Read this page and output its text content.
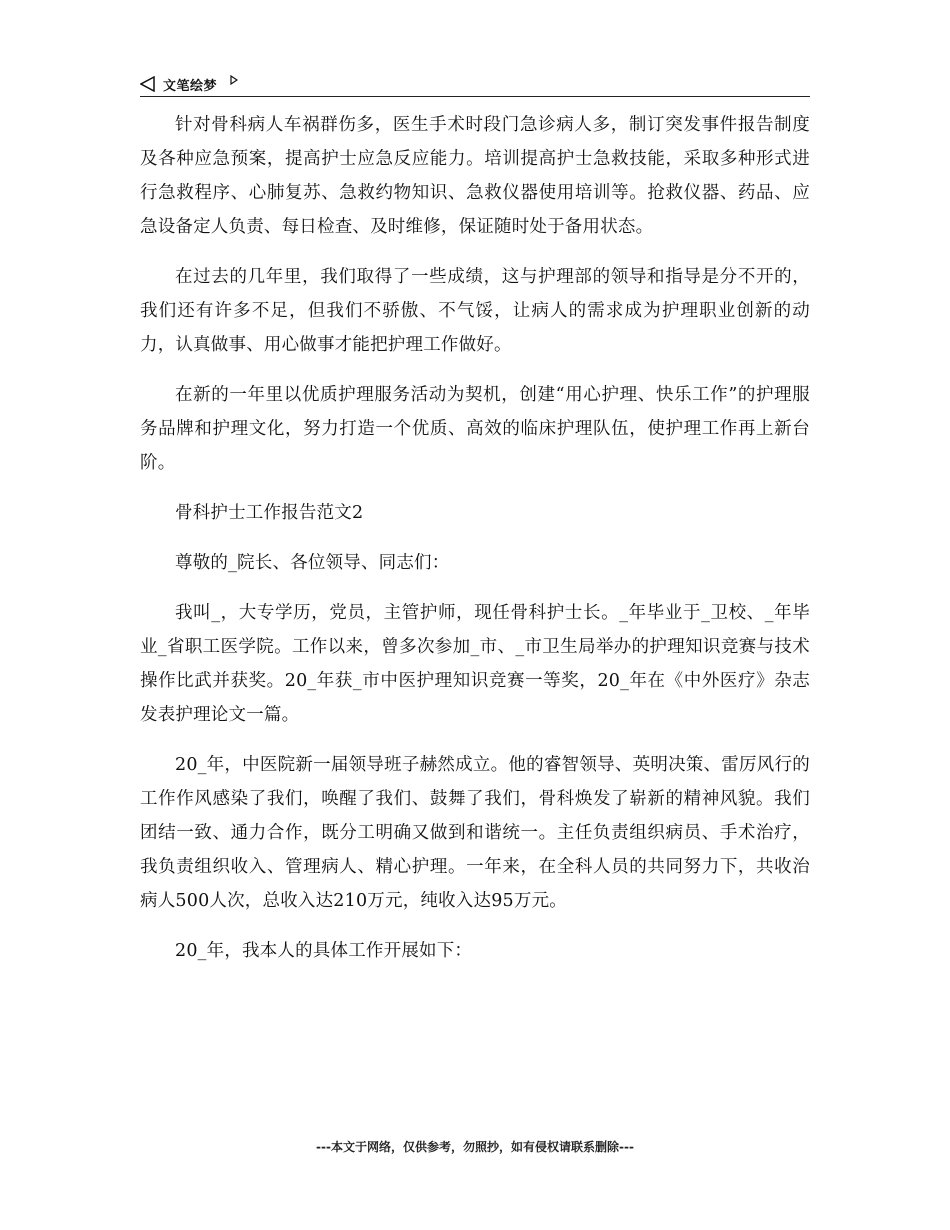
文笔绘梦

针对骨科病人车祸群伤多，医生手术时段门急诊病人多，制订突发事件报告制度及各种应急预案，提高护士应急反应能力。培训提高护士急救技能，采取多种形式进行急救程序、心肺复苏、急救约物知识、急救仪器使用培训等。抢救仪器、药品、应急设备定人负责、每日检查、及时维修，保证随时处于备用状态。

在过去的几年里，我们取得了一些成绩，这与护理部的领导和指导是分不开的，我们还有许多不足，但我们不骄傲、不气馁，让病人的需求成为护理职业创新的动力，认真做事、用心做事才能把护理工作做好。

在新的一年里以优质护理服务活动为契机，创建“用心护理、快乐工作”的护理服务品牌和护理文化，努力打造一个优质、高效的临床护理队伍，使护理工作再上新台阶。

骨科护士工作报告范文2

尊敬的_院长、各位领导、同志们：

我叫_，大专学历，党员，主管护师，现任骨科护士长。_年毕业于_卫校、_年毕业_省职工医学院。工作以来，曾多次参加_市、_市卫生局举办的护理知识竞赛与技术操作比武并获奖。20_年获_市中医护理知识竞赛一等奖，20_年在《中外医疗》杂志发表护理论文一篇。

20_年，中医院新一届领导班子赫然成立。他的睿智领导、英明决策、雷厉风行的工作作风感染了我们，唤醒了我们、鼓舞了我们，骨科焕发了崭新的精神风貌。我们团结一致、通力合作，既分工明确又做到和谐统一。主任负责组织病员、手术治疗，我负责组织收入、管理病人、精心护理。一年来，在全科人员的共同努力下，共收治病人500人次，总收入达210万元，纯收入达95万元。

20_年，我本人的具体工作开展如下：

---本文于网络，仅供参考，勿照抄，如有侵权请联系删除---
